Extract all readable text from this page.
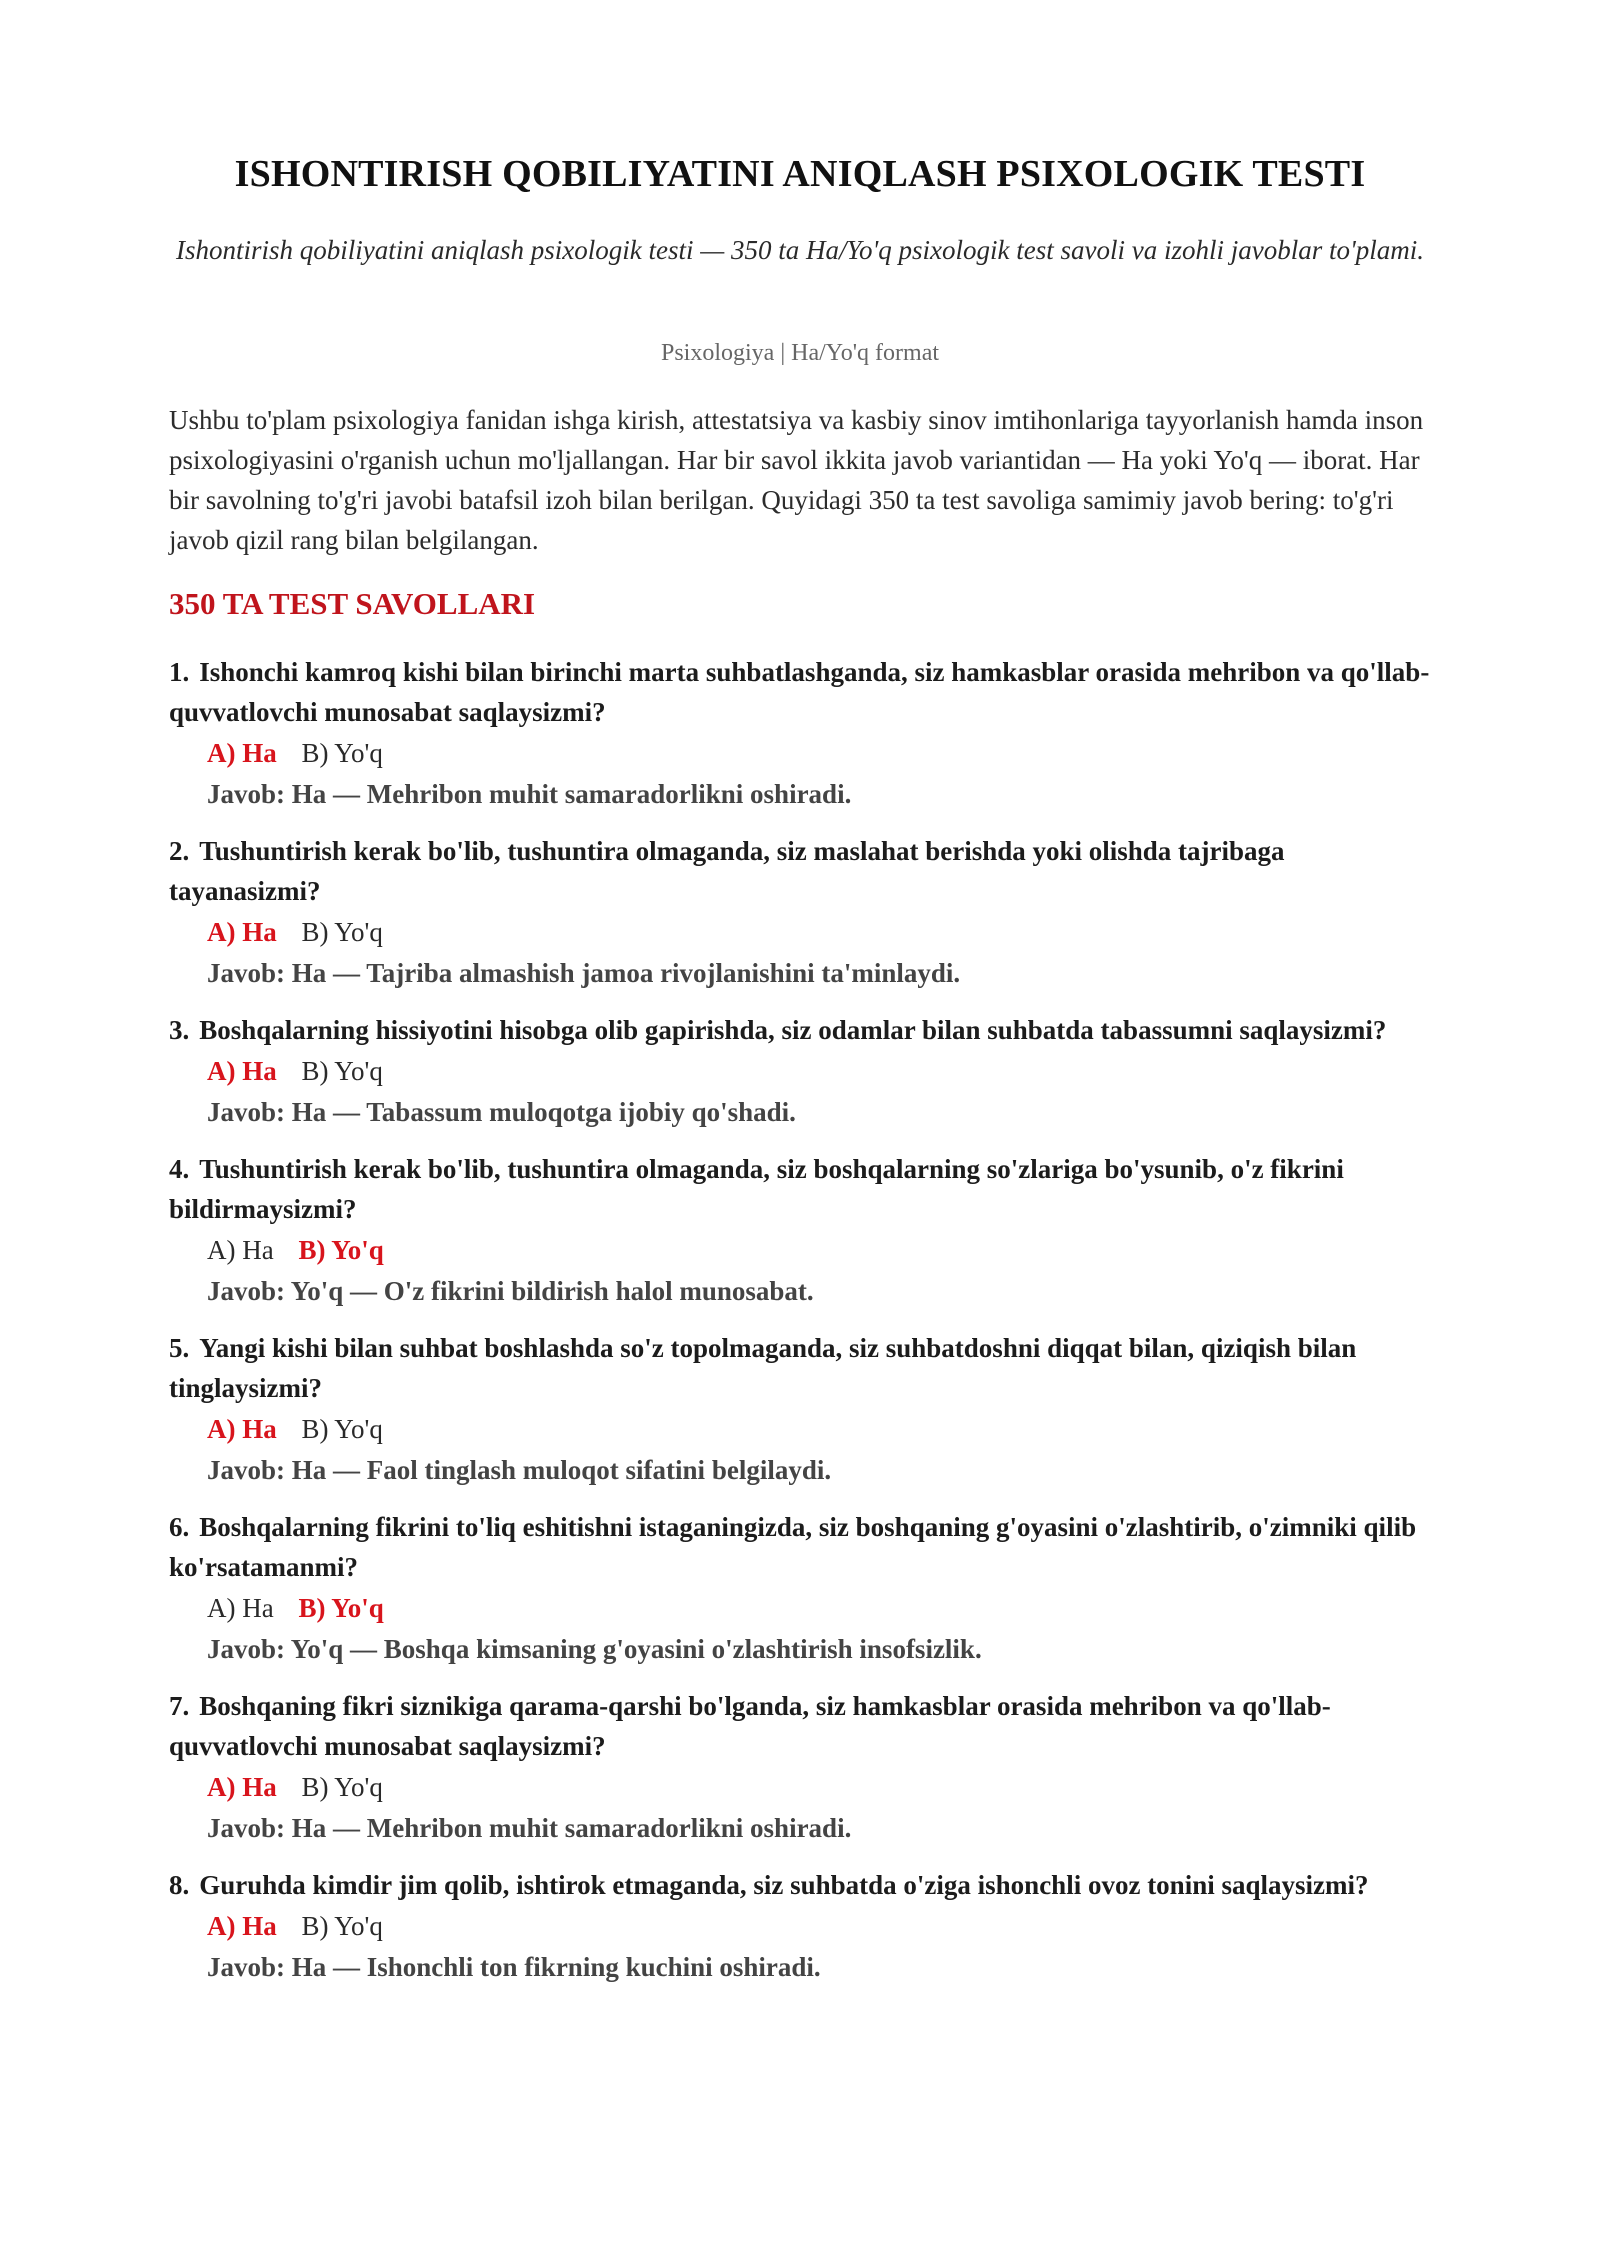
ISHONTIRISH QOBILIYATINI ANIQLASH PSIXOLOGIK TESTI

Ishontirish qobiliyatini aniqlash psixologik testi — 350 ta Ha/Yo'q psixologik test savoli va izohli javoblar to'plami.

Psixologiya | Ha/Yo'q format

Ushbu to'plam psixologiya fanidan ishga kirish, attestatsiya va kasbiy sinov imtihonlariga tayyorlanish hamda inson psixologiyasini o'rganish uchun mo'ljallangan. Har bir savol ikkita javob variantidan — Ha yoki Yo'q — iborat. Har bir savolning to'g'ri javobi batafsil izoh bilan berilgan. Quyidagi 350 ta test savoliga samimiy javob bering: to'g'ri javob qizil rang bilan belgilangan.

350 TA TEST SAVOLLARI

1. Ishonchi kamroq kishi bilan birinchi marta suhbatlashganda, siz hamkasblar orasida mehribon va qo'llab-quvvatlovchi munosabat saqlaysizmi?

A) Ha B) Yo'q

Javob: Ha — Mehribon muhit samaradorlikni oshiradi.

2. Tushuntirish kerak bo'lib, tushuntira olmaganda, siz maslahat berishda yoki olishda tajribaga tayanasizmi?

A) Ha B) Yo'q

Javob: Ha — Tajriba almashish jamoa rivojlanishini ta'minlaydi.

3. Boshqalarning hissiyotini hisobga olib gapirishda, siz odamlar bilan suhbatda tabassumni saqlaysizmi?

A) Ha B) Yo'q

Javob: Ha — Tabassum muloqotga ijobiy qo'shadi.

4. Tushuntirish kerak bo'lib, tushuntira olmaganda, siz boshqalarning so'zlariga bo'ysunib, o'z fikrini bildirmaysizmi?

A) Ha B) Yo'q

Javob: Yo'q — O'z fikrini bildirish halol munosabat.

5. Yangi kishi bilan suhbat boshlashda so'z topolmaganda, siz suhbatdoshni diqqat bilan, qiziqish bilan tinglaysizmi?

A) Ha B) Yo'q

Javob: Ha — Faol tinglash muloqot sifatini belgilaydi.

6. Boshqalarning fikrini to'liq eshitishni istaganingizda, siz boshqaning g'oyasini o'zlashtirib, o'zimniki qilib ko'rsatamanmi?

A) Ha B) Yo'q

Javob: Yo'q — Boshqa kimsaning g'oyasini o'zlashtirish insofsizlik.

7. Boshqaning fikri siznikiga qarama-qarshi bo'lganda, siz hamkasblar orasida mehribon va qo'llab-quvvatlovchi munosabat saqlaysizmi?

A) Ha B) Yo'q

Javob: Ha — Mehribon muhit samaradorlikni oshiradi.

8. Guruhda kimdir jim qolib, ishtirok etmaganda, siz suhbatda o'ziga ishonchli ovoz tonini saqlaysizmi?

A) Ha B) Yo'q

Javob: Ha — Ishonchli ton fikrning kuchini oshiradi.
